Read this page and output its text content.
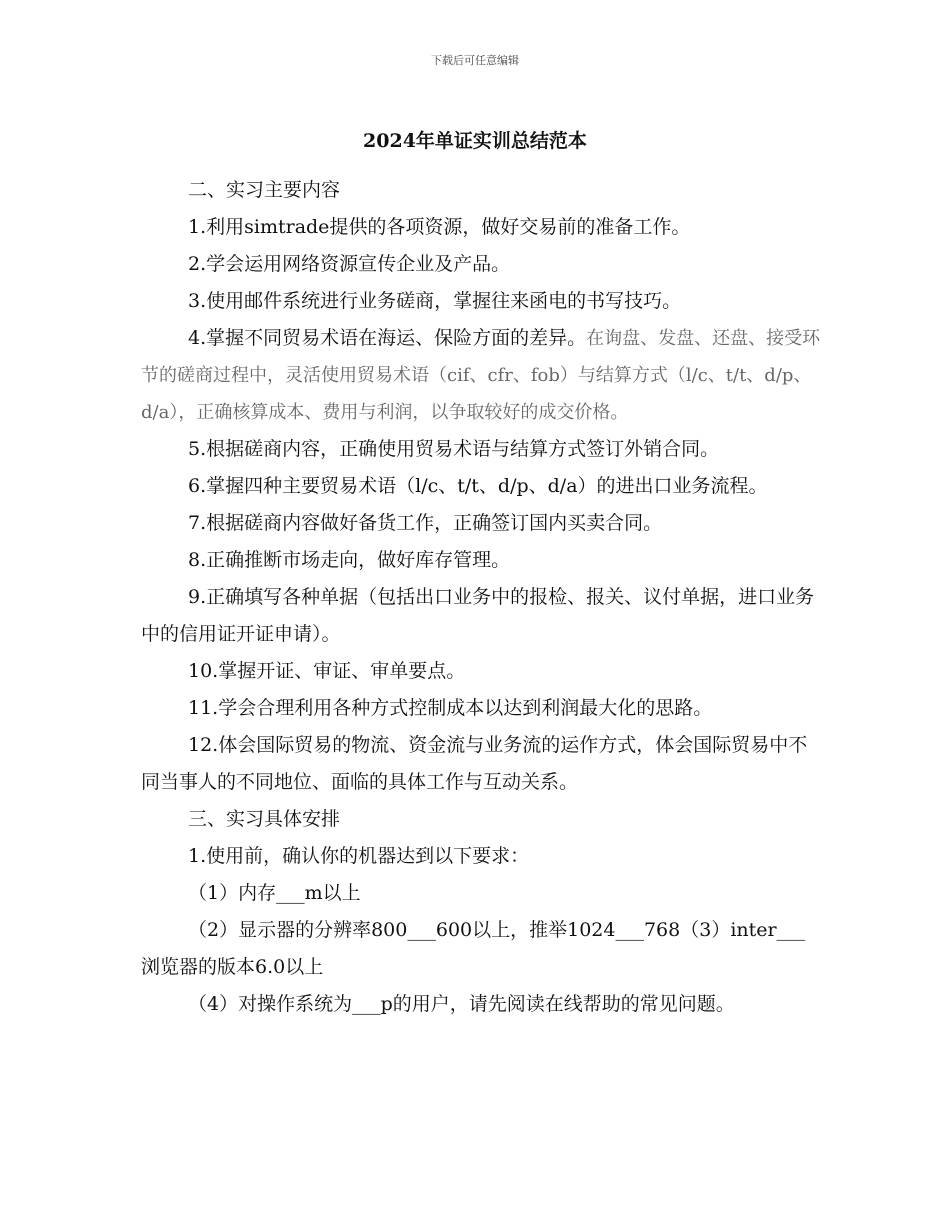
下载后可任意编辑
2024年单证实训总结范本
二、实习主要内容
1.利用simtrade提供的各项资源，做好交易前的准备工作。
2.学会运用网络资源宣传企业及产品。
3.使用邮件系统进行业务磋商，掌握往来函电的书写技巧。
4.掌握不同贸易术语在海运、保险方面的差异。在询盘、发盘、还盘、接受环节的磋商过程中，灵活使用贸易术语（cif、cfr、fob）与结算方式（l/c、t/t、d/p、d/a），正确核算成本、费用与利润，以争取较好的成交价格。
5.根据磋商内容，正确使用贸易术语与结算方式签订外销合同。
6.掌握四种主要贸易术语（l/c、t/t、d/p、d/a）的进出口业务流程。
7.根据磋商内容做好备货工作，正确签订国内买卖合同。
8.正确推断市场走向，做好库存管理。
9.正确填写各种单据（包括出口业务中的报检、报关、议付单据，进口业务中的信用证开证申请）。
10.掌握开证、审证、审单要点。
11.学会合理利用各种方式控制成本以达到利润最大化的思路。
12.体会国际贸易的物流、资金流与业务流的运作方式，体会国际贸易中不同当事人的不同地位、面临的具体工作与互动关系。
三、实习具体安排
1.使用前，确认你的机器达到以下要求：
（1）内存___m以上
（2）显示器的分辨率800___600以上，推举1024___768（3）inter___浏览器的版本6.0以上
（4）对操作系统为___p的用户，请先阅读在线帮助的常见问题。
